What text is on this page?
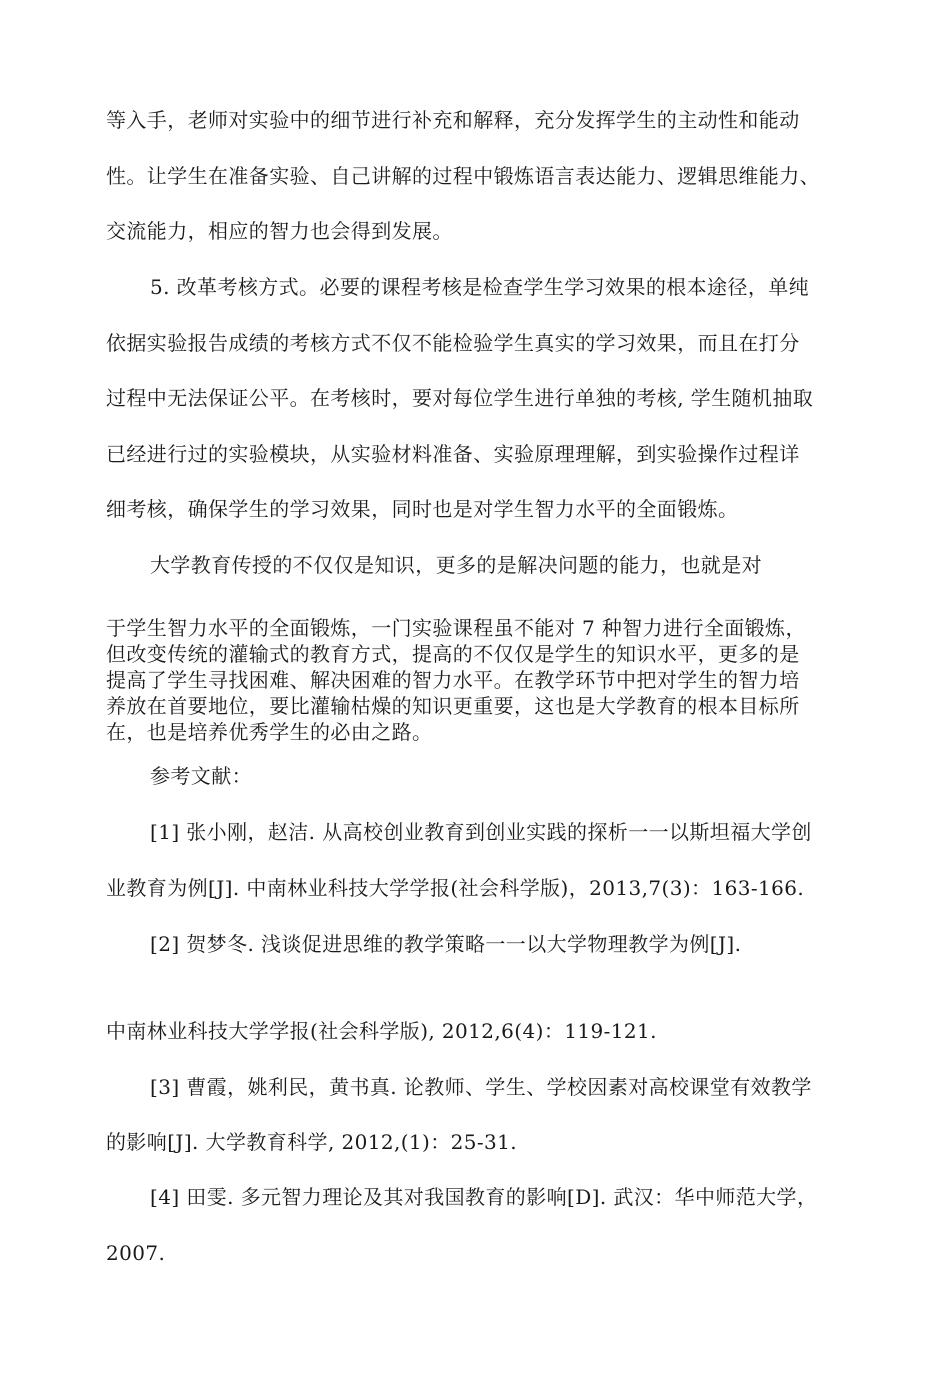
等入手，老师对实验中的细节进行补充和解释，充分发挥学生的主动性和能动
性。让学生在准备实验、自己讲解的过程中锻炼语言表达能力、逻辑思维能力、
交流能力，相应的智力也会得到发展。
5. 改革考核方式。必要的课程考核是检查学生学习效果的根本途径，单纯
依据实验报告成绩的考核方式不仅不能检验学生真实的学习效果，而且在打分
过程中无法保证公平。在考核时，要对每位学生进行单独的考核, 学生随机抽取
已经进行过的实验模块，从实验材料准备、实验原理理解，到实验操作过程详
细考核，确保学生的学习效果，同时也是对学生智力水平的全面锻炼。
大学教育传授的不仅仅是知识，更多的是解决问题的能力，也就是对
于学生智力水平的全面锻炼，一门实验课程虽不能对 7 种智力进行全面锻炼，
但改变传统的灌输式的教育方式，提高的不仅仅是学生的知识水平，更多的是
提高了学生寻找困难、解决困难的智力水平。在教学环节中把对学生的智力培
养放在首要地位，要比灌输枯燥的知识更重要，这也是大学教育的根本目标所
在，也是培养优秀学生的必由之路。
参考文献：
[1] 张小刚，赵洁. 从高校创业教育到创业实践的探析一一以斯坦福大学创
业教育为例[J]. 中南林业科技大学学报(社会科学版)，2013,7(3)：163-166.
[2] 贺梦冬. 浅谈促进思维的教学策略一一以大学物理教学为例[J].
中南林业科技大学学报(社会科学版), 2012,6(4)：119-121.
[3] 曹霞，姚利民，黄书真. 论教师、学生、学校因素对高校课堂有效教学
的影响[J]. 大学教育科学, 2012,(1)：25-31.
[4] 田雯. 多元智力理论及其对我国教育的影响[D]. 武汉：华中师范大学，
2007.
